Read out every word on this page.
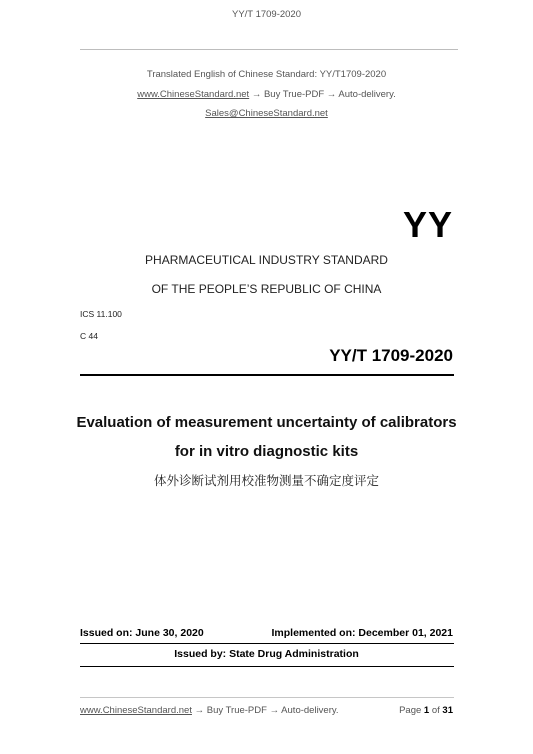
YY/T 1709-2020
Translated English of Chinese Standard: YY/T1709-2020
www.ChineseStandard.net → Buy True-PDF → Auto-delivery.
Sales@ChineseStandard.net
YY
PHARMACEUTICAL INDUSTRY STANDARD
OF THE PEOPLE’S REPUBLIC OF CHINA
ICS 11.100
C 44
YY/T 1709-2020
Evaluation of measurement uncertainty of calibrators
for in vitro diagnostic kits
体外诊断试剂用校准物测量不确定度评定
Issued on: June 30, 2020	Implemented on: December 01, 2021
Issued by: State Drug Administration
www.ChineseStandard.net → Buy True-PDF → Auto-delivery.	Page 1 of 31
